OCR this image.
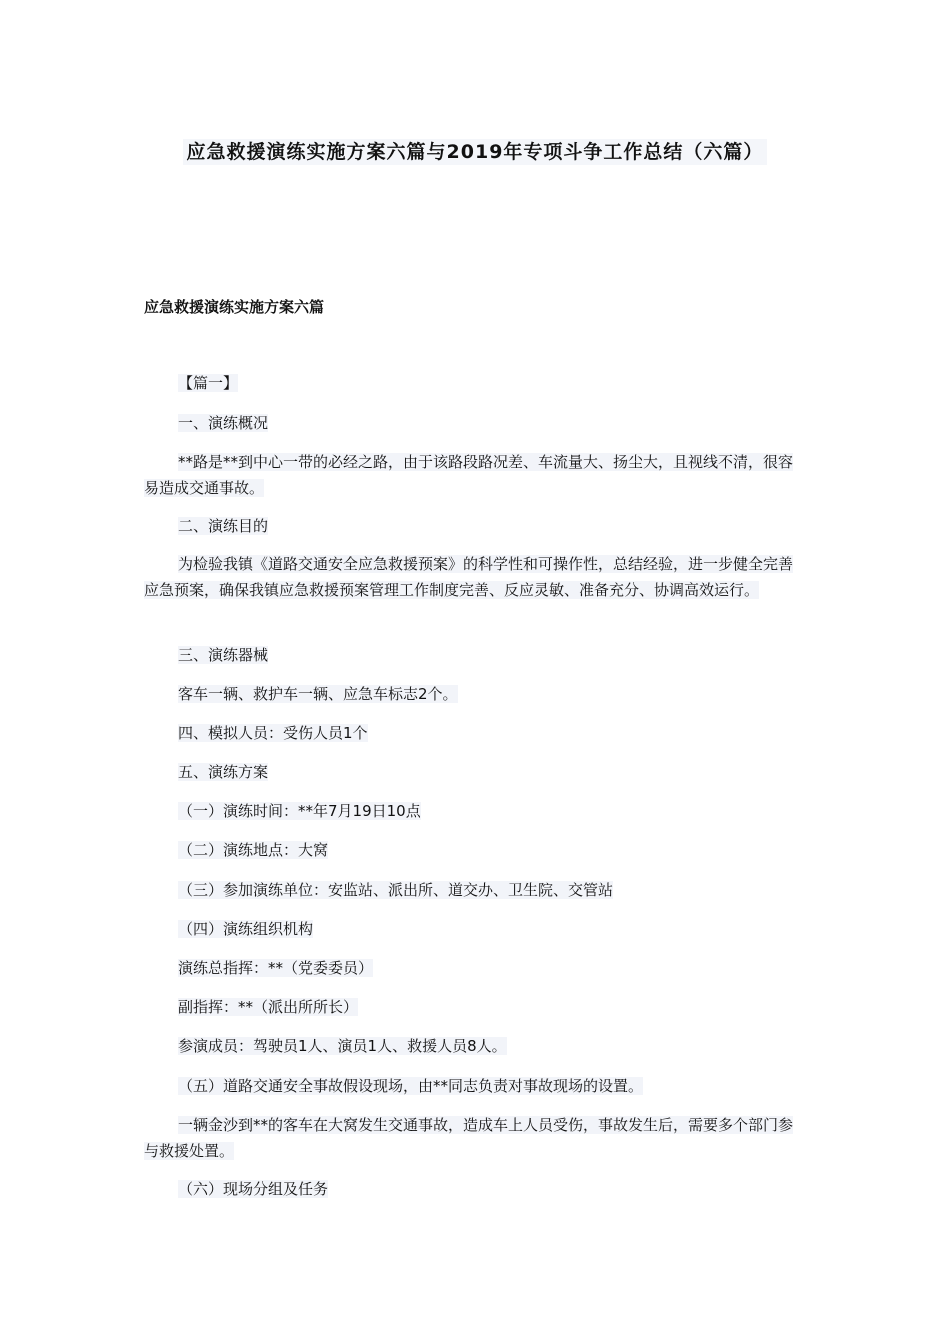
应急救援演练实施方案六篇与2019年专项斗争工作总结（六篇）
应急救援演练实施方案六篇
【篇一】
一、演练概况
**路是**到中心一带的必经之路，由于该路段路况差、车流量大、扬尘大，且视线不清，很容易造成交通事故。
二、演练目的
为检验我镇《道路交通安全应急救援预案》的科学性和可操作性，总结经验，进一步健全完善应急预案，确保我镇应急救援预案管理工作制度完善、反应灵敏、准备充分、协调高效运行。
三、演练器械
客车一辆、救护车一辆、应急车标志2个。
四、模拟人员：受伤人员1个
五、演练方案
（一）演练时间：**年7月19日10点
（二）演练地点：大窝
（三）参加演练单位：安监站、派出所、道交办、卫生院、交管站
（四）演练组织机构
演练总指挥：**（党委委员）
副指挥：**（派出所所长）
参演成员：驾驶员1人、演员1人、救援人员8人。
（五）道路交通安全事故假设现场，由**同志负责对事故现场的设置。
一辆金沙到**的客车在大窝发生交通事故，造成车上人员受伤，事故发生后，需要多个部门参与救援处置。
（六）现场分组及任务
